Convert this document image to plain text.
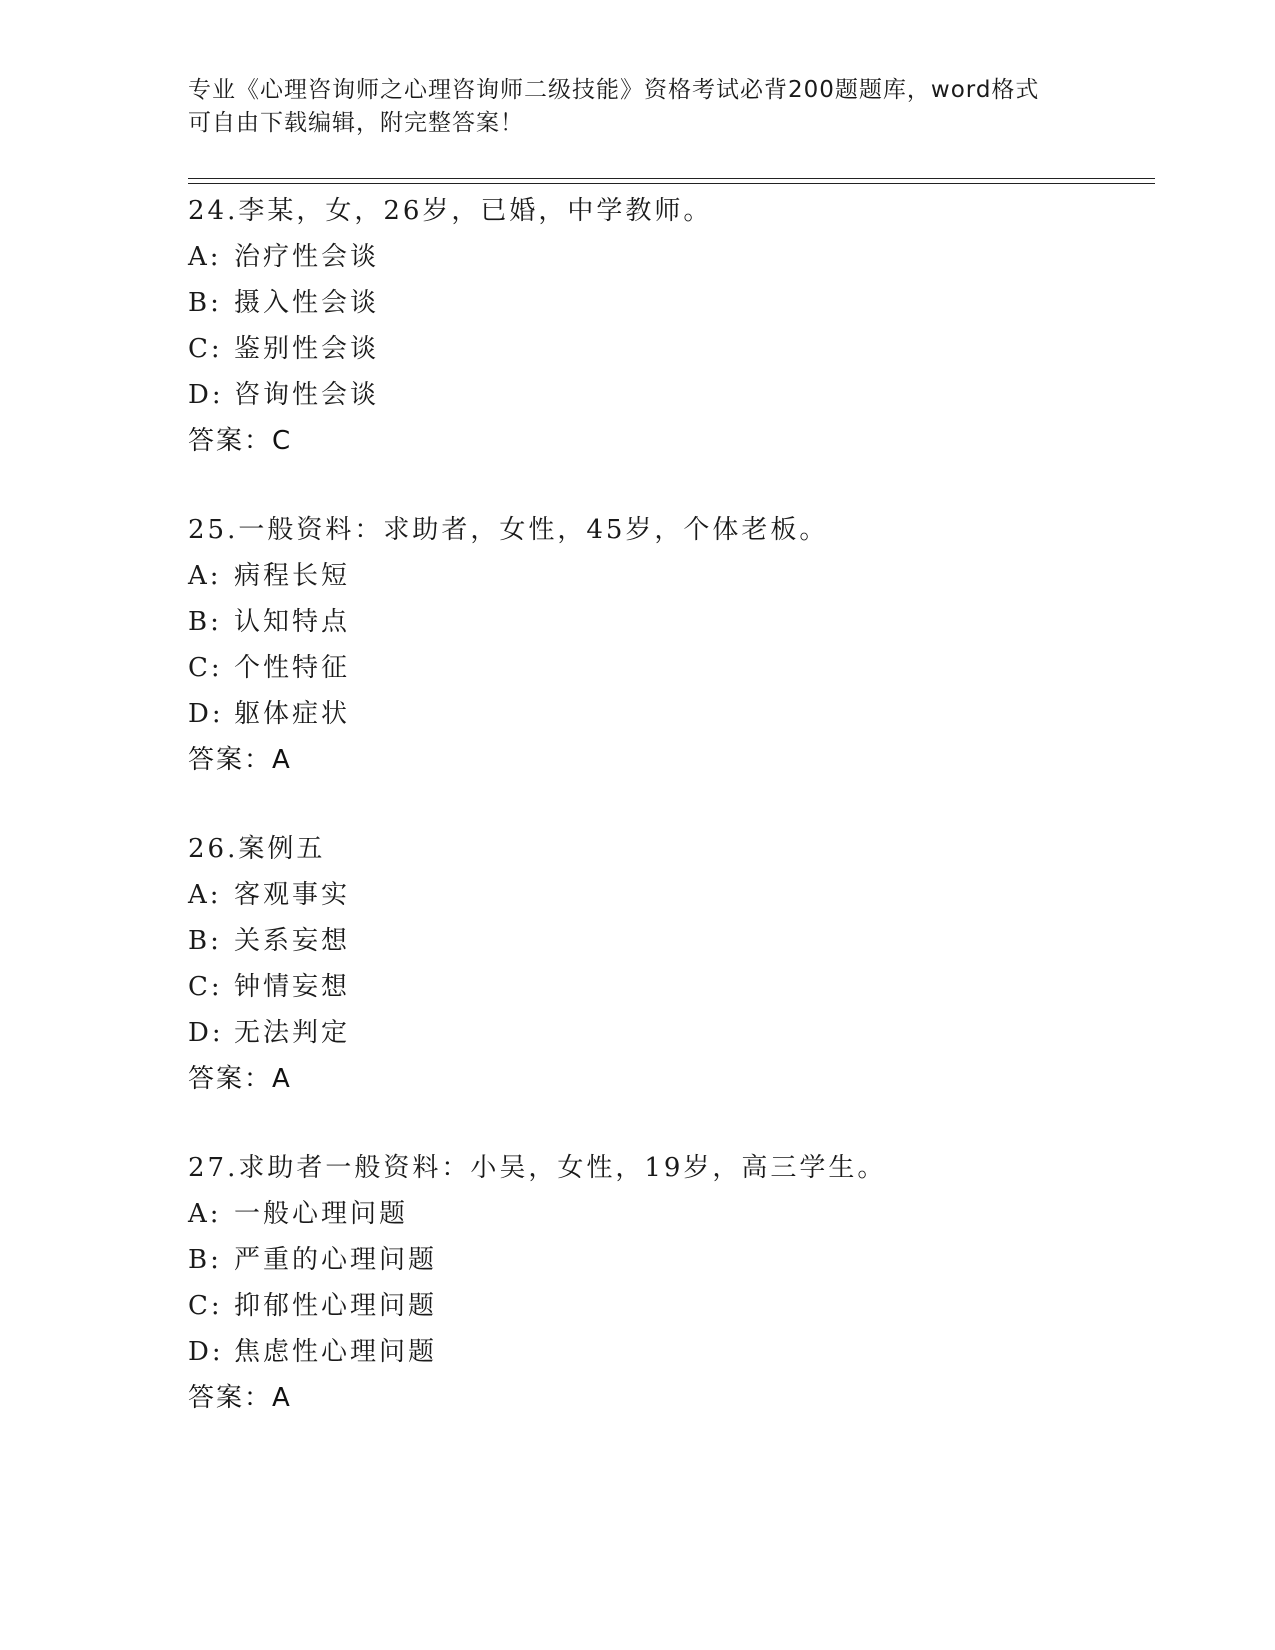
专业《心理咨询师之心理咨询师二级技能》资格考试必背200题题库，word格式
可自由下载编辑，附完整答案！
24.李某，女，26岁，已婚，中学教师。
A: 治疗性会谈
B: 摄入性会谈
C: 鉴别性会谈
D: 咨询性会谈
答案：C
25.一般资料：求助者，女性，45岁，个体老板。
A: 病程长短
B: 认知特点
C: 个性特征
D: 躯体症状
答案：A
26.案例五
A: 客观事实
B: 关系妄想
C: 钟情妄想
D: 无法判定
答案：A
27.求助者一般资料：小吴，女性，19岁，高三学生。
A: 一般心理问题
B: 严重的心理问题
C: 抑郁性心理问题
D: 焦虑性心理问题
答案：A
